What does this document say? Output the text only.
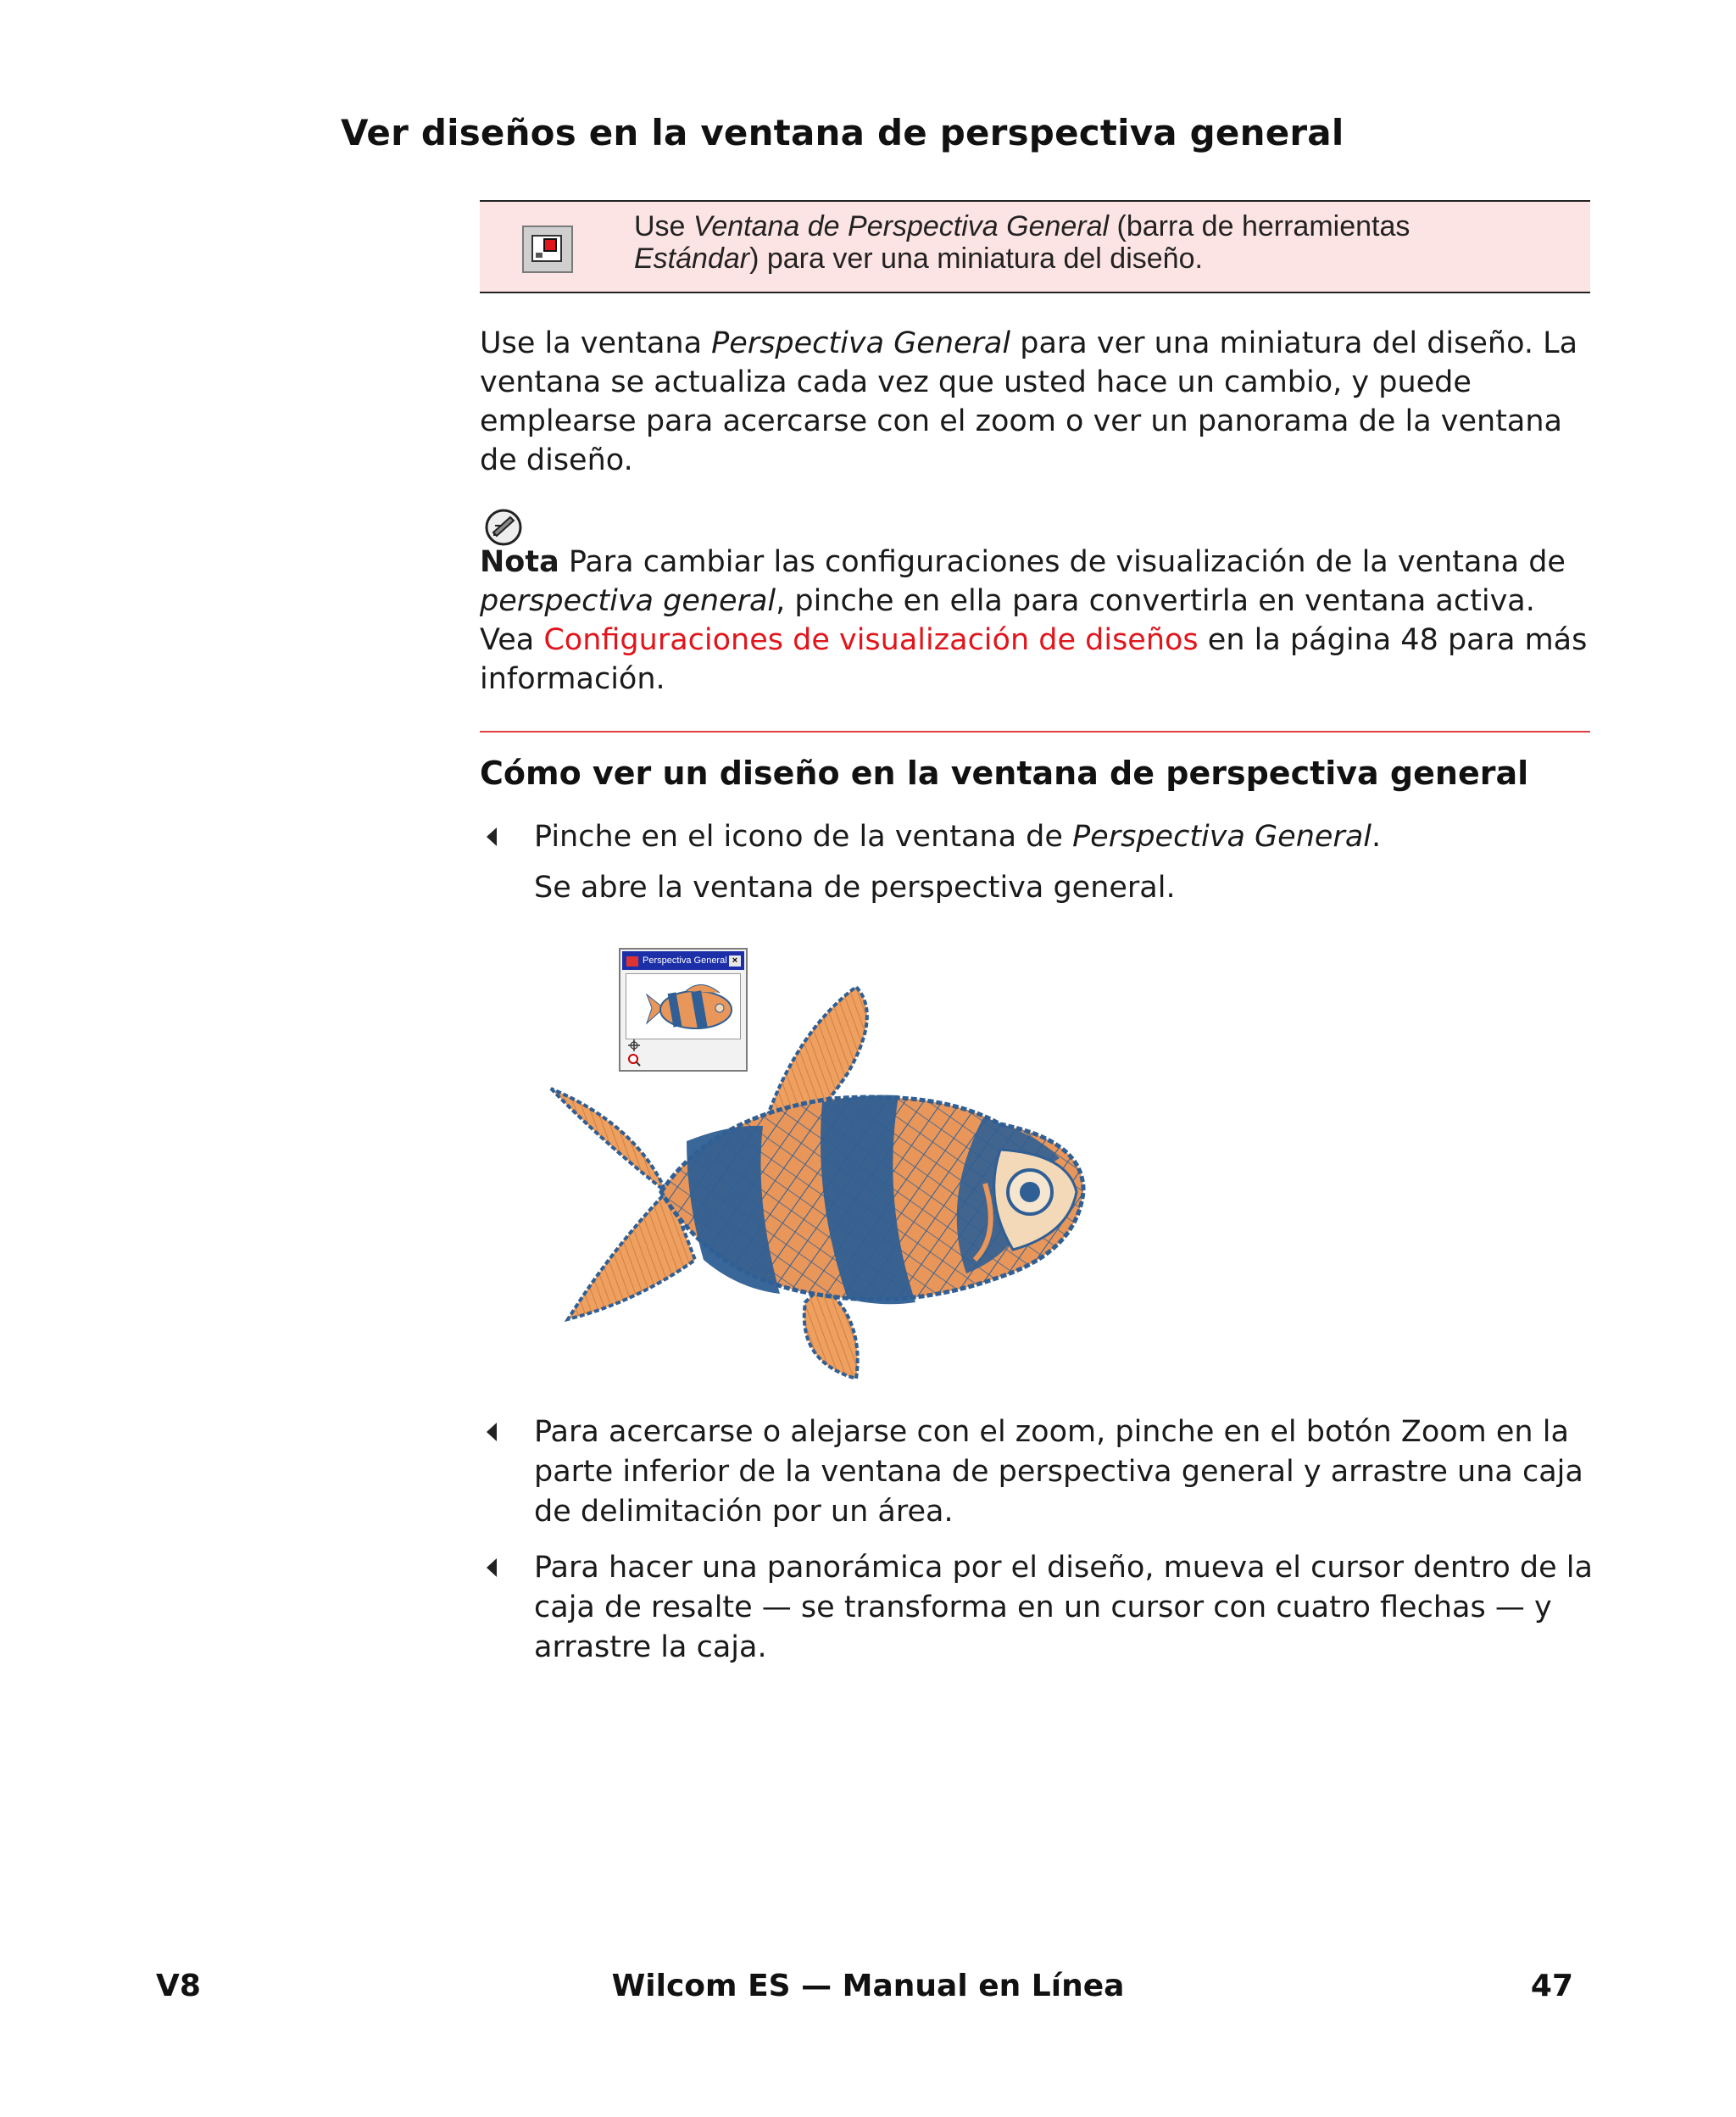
Ver diseños en la ventana de perspectiva general
Use Ventana de Perspectiva General (barra de herramientas
Estándar) para ver una miniatura del diseño.

Use la ventana Perspectiva General para ver una miniatura del diseño. La ventana se actualiza cada vez que usted hace un cambio, y puede emplearse para acercarse con el zoom o ver un panorama de la ventana de diseño.

Nota Para cambiar las configuraciones de visualización de la ventana de perspectiva general, pinche en ella para convertirla en ventana activa. Vea Configuraciones de visualización de diseños en la página 48 para más información.

Cómo ver un diseño en la ventana de perspectiva general
Pinche en el icono de la ventana de Perspectiva General.
Se abre la ventana de perspectiva general.
Perspectiva General ×
Para acercarse o alejarse con el zoom, pinche en el botón Zoom en la parte inferior de la ventana de perspectiva general y arrastre una caja de delimitación por un área.
Para hacer una panorámica por el diseño, mueva el cursor dentro de la caja de resalte — se transforma en un cursor con cuatro flechas — y arrastre la caja.
V8	Wilcom ES — Manual en Línea	47
